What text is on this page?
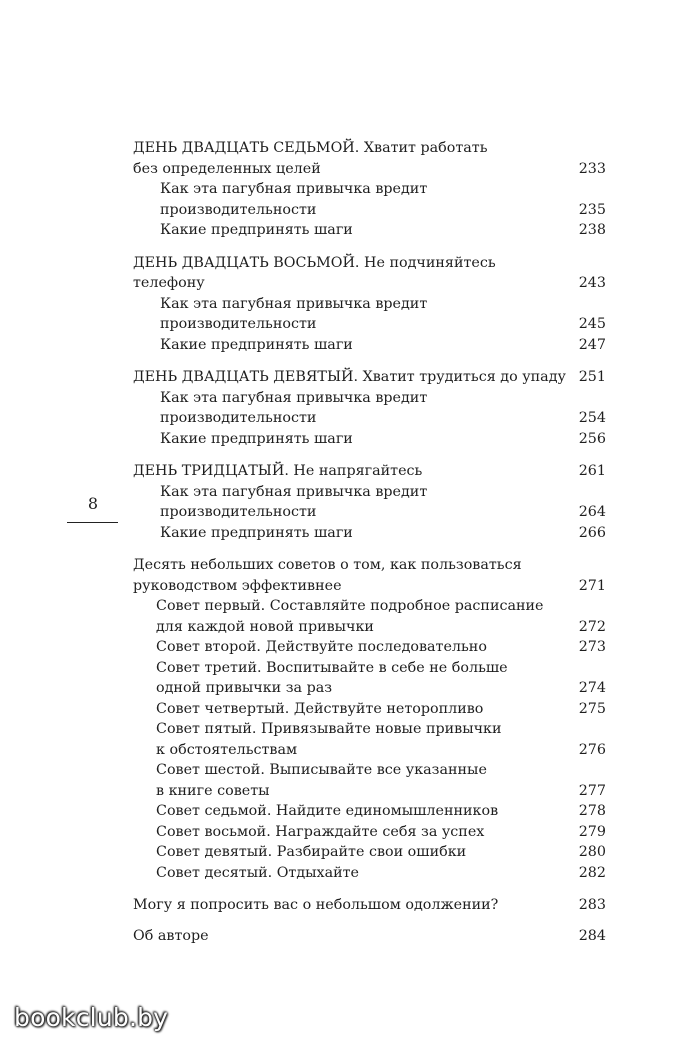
ДЕНЬ ДВАДЦАТЬ СЕДЬМОЙ. Хватит работать
без определенных целей	233
Как эта пагубная привычка вредит производительности	235
Какие предпринять шаги	238
ДЕНЬ ДВАДЦАТЬ ВОСЬМОЙ. Не подчиняйтесь телефону	243
Как эта пагубная привычка вредит производительности	245
Какие предпринять шаги	247
ДЕНЬ ДВАДЦАТЬ ДЕВЯТЫЙ. Хватит трудиться до упаду 251
Как эта пагубная привычка вредит производительности	254
Какие предпринять шаги	256
ДЕНЬ ТРИДЦАТЫЙ. Не напрягайтесь	261
Как эта пагубная привычка вредит производительности	264
Какие предпринять шаги	266
Десять небольших советов о том, как пользоваться
руководством эффективнее	271
Совет первый. Составляйте подробное расписание
для каждой новой привычки	272
Совет второй. Действуйте последовательно	273
Совет третий. Воспитывайте в себе не больше
одной привычки за раз	274
Совет четвертый. Действуйте неторопливо	275
Совет пятый. Привязывайте новые привычки
к обстоятельствам	276
Совет шестой. Выписывайте все указанные
в книге советы	277
Совет седьмой. Найдите единомышленников	278
Совет восьмой. Награждайте себя за успех	279
Совет девятый. Разбирайте свои ошибки	280
Совет десятый. Отдыхайте	282
Могу я попросить вас о небольшом одолжении?	283
Об авторе	284
8
bookclub.by
